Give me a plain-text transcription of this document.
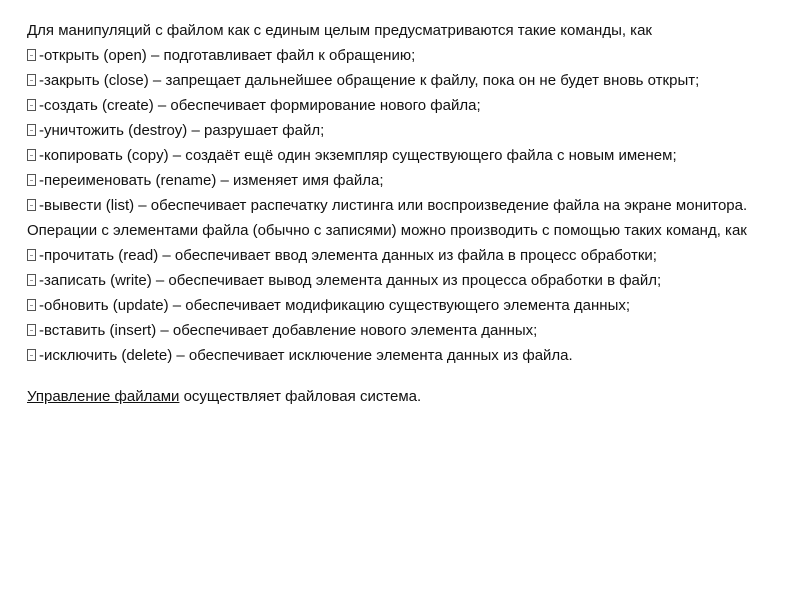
Для манипуляций с файлом как с единым целым предусматриваются такие команды, как

-открыть (open) – подготавливает файл к обращению;

-закрыть (close) – запрещает дальнейшее обращение к файлу, пока он не будет вновь открыт;

-создать (create) – обеспечивает формирование нового файла;

-уничтожить (destroy) – разрушает файл;

-копировать (copy) – создаёт ещё один экземпляр существующего файла с новым именем;

-переименовать (rename) – изменяет имя файла;

-вывести (list) – обеспечивает распечатку листинга или воспроизведение файла на экране монитора.

Операции с элементами файла (обычно с записями) можно производить с помощью таких команд, как

-прочитать (read) – обеспечивает ввод элемента данных из файла в процесс обработки;

-записать (write) – обеспечивает вывод элемента данных из процесса обработки в файл;

-обновить (update) – обеспечивает модификацию существующего элемента данных;

-вставить (insert) – обеспечивает добавление нового элемента данных;

-исключить (delete) – обеспечивает исключение элемента данных из файла.

Управление файлами осуществляет файловая система.
